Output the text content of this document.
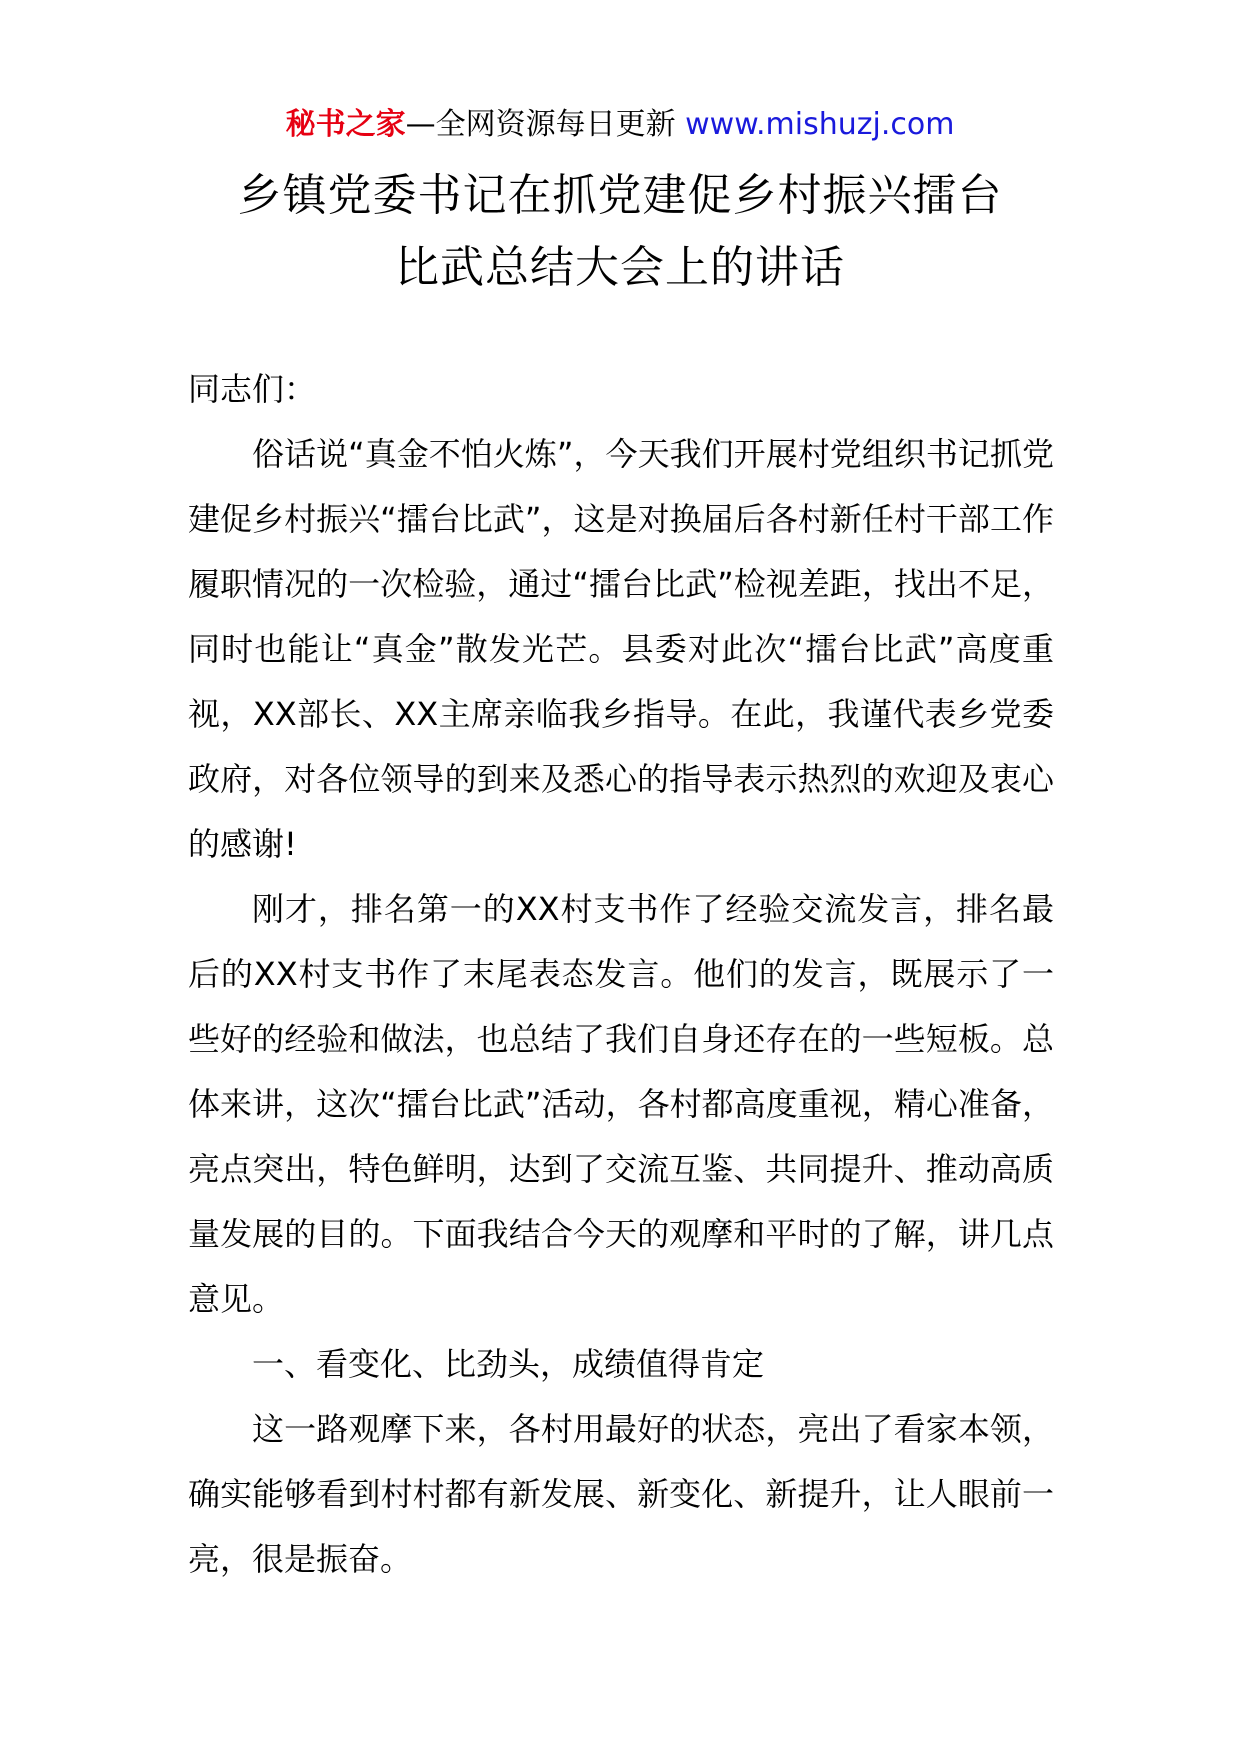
秘书之家—全网资源每日更新 www.mishuzj.com
乡镇党委书记在抓党建促乡村振兴擂台
比武总结大会上的讲话

同志们：

俗话说“真金不怕火炼”，今天我们开展村党组织书记抓党建促乡村振兴“擂台比武”，这是对换届后各村新任村干部工作履职情况的一次检验，通过“擂台比武”检视差距，找出不足，同时也能让“真金”散发光芒。县委对此次“擂台比武”高度重视，XX部长、XX主席亲临我乡指导。在此，我谨代表乡党委政府，对各位领导的到来及悉心的指导表示热烈的欢迎及衷心的感谢!

刚才，排名第一的XX村支书作了经验交流发言，排名最后的XX村支书作了末尾表态发言。他们的发言，既展示了一些好的经验和做法，也总结了我们自身还存在的一些短板。总体来讲，这次“擂台比武”活动，各村都高度重视，精心准备，亮点突出，特色鲜明，达到了交流互鉴、共同提升、推动高质量发展的目的。下面我结合今天的观摩和平时的了解，讲几点意见。

一、看变化、比劲头，成绩值得肯定

这一路观摩下来，各村用最好的状态，亮出了看家本领，确实能够看到村村都有新发展、新变化、新提升，让人眼前一亮，很是振奋。
